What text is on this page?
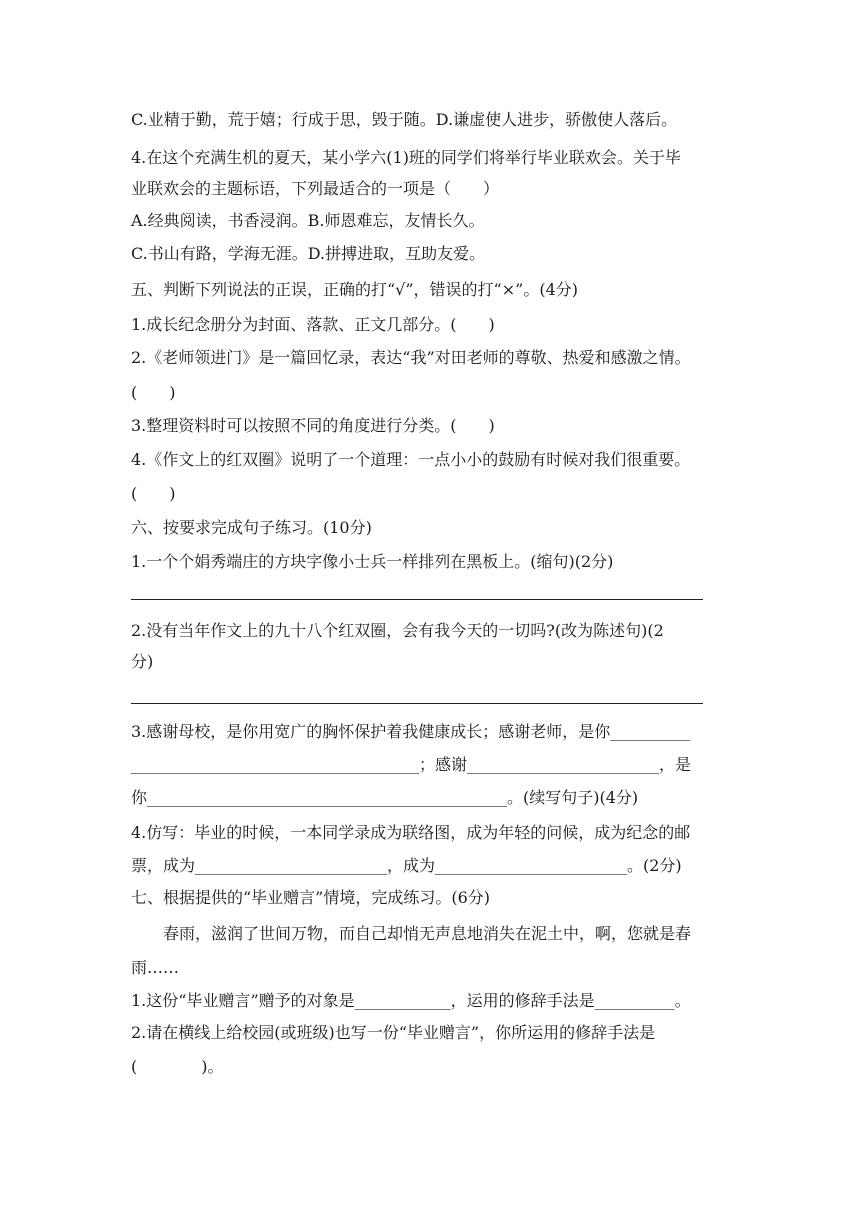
C.业精于勤，荒于嬉；行成于思，毁于随。D.谦虚使人进步，骄傲使人落后。
4.在这个充满生机的夏天，某小学六(1)班的同学们将举行毕业联欢会。关于毕
业联欢会的主题标语，下列最适合的一项是（　　）
A.经典阅读，书香浸润。B.师恩难忘，友情长久。
C.书山有路，学海无涯。D.拼搏进取，互助友爱。
五、判断下列说法的正误，正确的打“√”，错误的打“×”。(4分)
1.成长纪念册分为封面、落款、正文几部分。(　　)
2.《老师领进门》是一篇回忆录，表达“我”对田老师的尊敬、热爱和感激之情。
(　　)
3.整理资料时可以按照不同的角度进行分类。(　　)
4.《作文上的红双圈》说明了一个道理：一点小小的鼓励有时候对我们很重要。
(　　)
六、按要求完成句子练习。(10分)
1.一个个娟秀端庄的方块字像小士兵一样排列在黑板上。(缩句)(2分)
2.没有当年作文上的九十八个红双圈，会有我今天的一切吗?(改为陈述句)(2
分)
3.感谢母校，是你用宽广的胸怀保护着我健康成长；感谢老师，是你__________
____________________________________；感谢________________________，是
你_____________________________________________。(续写句子)(4分)
4.仿写：毕业的时候，一本同学录成为联络图，成为年轻的问候，成为纪念的邮
票，成为________________________，成为________________________。(2分)
七、根据提供的“毕业赠言”情境，完成练习。(6分)
　　春雨，滋润了世间万物，而自己却悄无声息地消失在泥土中，啊，您就是春
雨……
1.这份“毕业赠言”赠予的对象是____________，运用的修辞手法是__________。
2.请在横线上给校园(或班级)也写一份“毕业赠言”，你所运用的修辞手法是
(　　　　)。
